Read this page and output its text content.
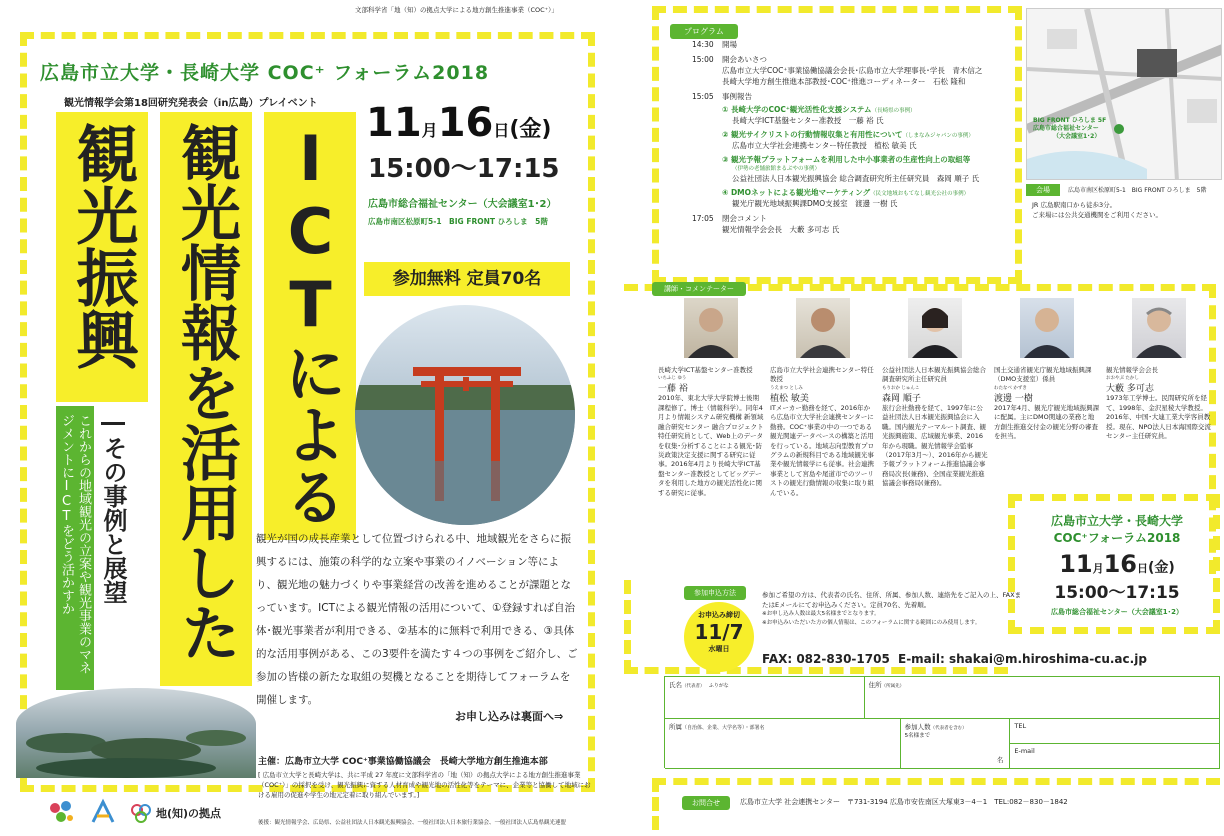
文部科学省「地（知）の拠点大学による地方創生推進事業（COC⁺）」
広島市立大学・長崎大学 COC⁺ フォーラム2018
観光情報学会第18回研究発表会（in広島）プレイベント
ICTによる
観光情報を活用した
観光振興
―その事例と展望
これからの地域観光の立案や観光事業のマネジメントにICTをどう活かすか
11月16日(金)
15:00～17:15
広島市総合福祉センター（大会議室1･2）
広島市南区松原町5-1　BIG FRONT ひろしま　5階
参加無料 定員70名
観光が国の成長産業として位置づけられる中、地域観光をさらに振興するには、施策の科学的な立案や事業のイノベーション等により、観光地の魅力づくりや事業経営の改善を進めることが課題となっています。ICTによる観光情報の活用について、①登録すれば自治体･観光事業者が利用できる、②基本的に無料で利用できる、③具体的な活用事例がある、この3要件を満たす４つの事例をご紹介し、ご参加の皆様の新たな取組の契機となることを期待してフォーラムを開催します。
お申し込みは裏面へ⇒
主催：広島市立大学 COC⁺事業協働協議会　長崎大学地方創生推進本部
[ 広島市立大学と長崎大学は、共に平成 27 年度に文部科学省の「地（知）の拠点大学による地方創生推進事業（COC⁺）」の採択を受け、観光振興に資する人材育成や観光地の活性化等をテーマに、企業等と協働して地域における雇用の促進や学生の地元定着に取り組んでいます。]
後援：観光情報学会、広島県、公益社団法人日本観光振興協会、一般社団法人日本旅行業協会、一般社団法人広島県観光連盟
地(知)の拠点
プログラム
14:30	開場
15:00	開会あいさつ
広島市立大学COC⁺事業協働協議会会長･広島市立大学理事長･学長　青木信之
長崎大学地方創生推進本部教授･COC⁺推進コーディネーター　石松 隆和
15:05	事例報告
① 長崎大学のCOC⁺観光活性化支援システム（長崎県の事例）
長崎大学ICT基盤センター准教授　一藤 裕 氏
② 観光サイクリストの行動情報収集と有用性について（しまなみジャパンの事例）
広島市立大学社会連携センター特任教授　植松 敏美 氏
③ 観光予報プラットフォームを利用した中小事業者の生産性向上の取組等
（伊勢の老舗旅館まるぶやの事例）
公益社団法人日本観光振興協会 総合調査研究所主任研究員　森岡 順子 氏
④ DMOネットによる観光地マーケティング（民文地域おもてなし観光公社の事例）
観光庁観光地域振興課DMO支援室　渡邊 一樹 氏
17:05	閉会コメント
観光情報学会会長　大藪 多可志 氏
BIG FRONT ひろしま 5F
広島市総合福祉センター
（大会議室1･2）
会場	広島市南区松原町5-1　BIG FRONT ひろしま　5階
JR 広島駅南口から徒歩3分。
ご来場には公共交通機関をご利用ください。
講師・コメンテーター
長崎大学ICT基盤センター准教授
いちふじ ゆう
一藤 裕
2010年、東北大学大学院博士後期課程修了。博士（情報科学）。同年4月より情報システム研究機構 新領域融合研究センター 融合プロジェクト特任研究員として、Web上のデータを収集･分析することによる観光･防災政策決定支援に関する研究に従事。2016年4月より長崎大学ICT基盤センター准教授としてビッグデータを利用した地方の観光活性化に関する研究に従事。
広島市立大学社会連携センター特任教授
うえまつ としみ
植松 敏美
ITメーカー勤務を経て、2016年から広島市立大学社会連携センターに勤務。COC⁺事業の中の一つである観光関連データベースの構築と活用を行っている。地域志向型教育プログラムの新規科目である地域観光事業や観光情報学にも従事。社会連携事業として宮島や尾道市でのツーリストの観光行動情報の収集に取り組んでいる。
公益社団法人日本観光振興協会総合調査研究所主任研究員
もりおか じゅんこ
森岡 順子
旅行会社勤務を経て、1997年に公益社団法人日本観光振興協会に入職。国内観光テーマルート調査、観光振興施策、広域観光事業、2016年から現職。観光情報学会監事（2017年3月〜）、2016年から観光予報プラットフォーム推進協議会事務局次長(兼務)、全国産業観光推進協議会事務局(兼務)。
国土交通省観光庁観光地域振興課（DMO支援室）係員
わたなべ かずき
渡邊 一樹
2017年4月、観光庁観光地域振興課に配属。主にDMO関連の業務と地方創生推進交付金の観光分野の審査を担当。
観光情報学会会長
おおやぶ たかし
大藪 多可志
1973年工学博士。民間研究所を経て、1998年、金沢星稜大学教授。2016年、中国･大連工業大学客員教授。現在、NPO法人日本海国際交流センター主任研究員。
広島市立大学・長崎大学
COC⁺フォーラム2018
11月16日(金)
15:00～17:15
広島市総合福祉センター（大会議室1･2）
参加申込方法
お申込み締切
11/7
水曜日
参加ご希望の方は、代表者の氏名、住所、所属、参加人数、連絡先をご記入の上、FAXまたはEメールにてお申込みください。定員70名、先着順。
※お申し込み人数は最大5名様までとなります。
※お申込みいただいた方の個人情報は、このフォーラムに関する範囲にのみ使用します。
FAX: 082-830-1705 E-mail: shakai@m.hiroshima-cu.ac.jp
氏名（代表者）　 ふりがな	住所（所属先）
所属（自治体、企業、大学名等）・部署名	参加人数（代表者を含む）
5名様まで
名
TEL
E-mail
お問合せ	広島市立大学 社会連携センター　〒731-3194 広島市安佐南区大塚東3－4－1　TEL:082－830－1842
